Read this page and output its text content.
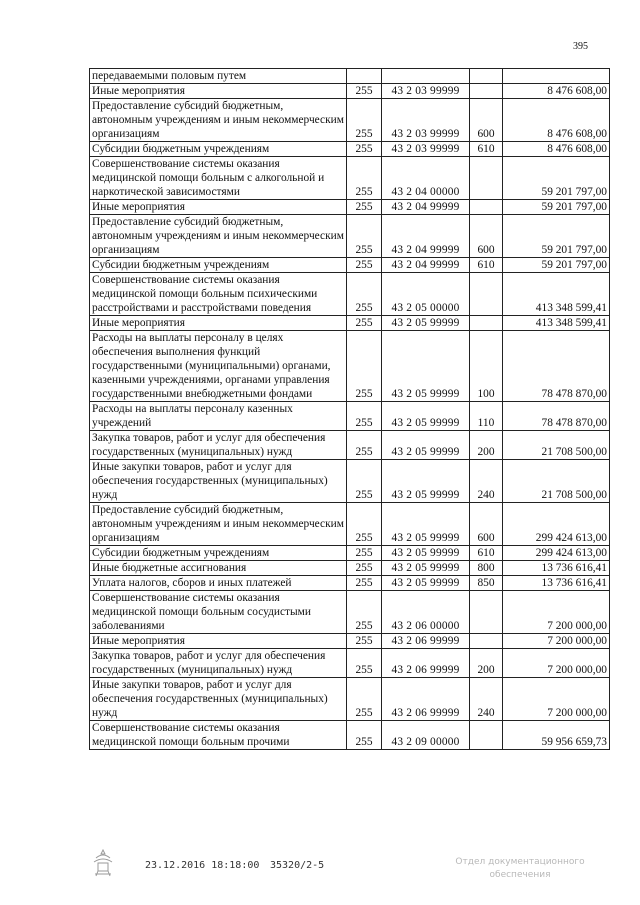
395
передаваемыми половым путем				
Иные мероприятия	255	43 2 03 99999		8 476 608,00
Предоставление субсидий бюджетным, автономным учреждениям и иным некоммерческим организациям	255	43 2 03 99999	600	8 476 608,00
Субсидии бюджетным учреждениям	255	43 2 03 99999	610	8 476 608,00
Совершенствование системы оказания медицинской помощи больным с алкогольной и наркотической зависимостями	255	43 2 04 00000		59 201 797,00
Иные мероприятия	255	43 2 04 99999		59 201 797,00
Предоставление субсидий бюджетным, автономным учреждениям и иным некоммерческим организациям	255	43 2 04 99999	600	59 201 797,00
Субсидии бюджетным учреждениям	255	43 2 04 99999	610	59 201 797,00
Совершенствование системы оказания медицинской помощи больным психическими расстройствами и расстройствами поведения	255	43 2 05 00000		413 348 599,41
Иные мероприятия	255	43 2 05 99999		413 348 599,41
Расходы на выплаты персоналу в целях обеспечения выполнения функций государственными (муниципальными) органами, казенными учреждениями, органами управления государственными внебюджетными фондами	255	43 2 05 99999	100	78 478 870,00
Расходы на выплаты персоналу казенных учреждений	255	43 2 05 99999	110	78 478 870,00
Закупка товаров, работ и услуг для обеспечения государственных (муниципальных) нужд	255	43 2 05 99999	200	21 708 500,00
Иные закупки товаров, работ и услуг для обеспечения государственных (муниципальных) нужд	255	43 2 05 99999	240	21 708 500,00
Предоставление субсидий бюджетным, автономным учреждениям и иным некоммерческим организациям	255	43 2 05 99999	600	299 424 613,00
Субсидии бюджетным учреждениям	255	43 2 05 99999	610	299 424 613,00
Иные бюджетные ассигнования	255	43 2 05 99999	800	13 736 616,41
Уплата налогов, сборов и иных платежей	255	43 2 05 99999	850	13 736 616,41
Совершенствование системы оказания медицинской помощи больным сосудистыми заболеваниями	255	43 2 06 00000		7 200 000,00
Иные мероприятия	255	43 2 06 99999		7 200 000,00
Закупка товаров, работ и услуг для обеспечения государственных (муниципальных) нужд	255	43 2 06 99999	200	7 200 000,00
Иные закупки товаров, работ и услуг для обеспечения государственных (муниципальных) нужд	255	43 2 06 99999	240	7 200 000,00
Совершенствование системы оказания медицинской помощи больным прочими	255	43 2 09 00000		59 956 659,73
23.12.2016 18:18:00 35320/2-5	Отдел документационного
обеспечения
